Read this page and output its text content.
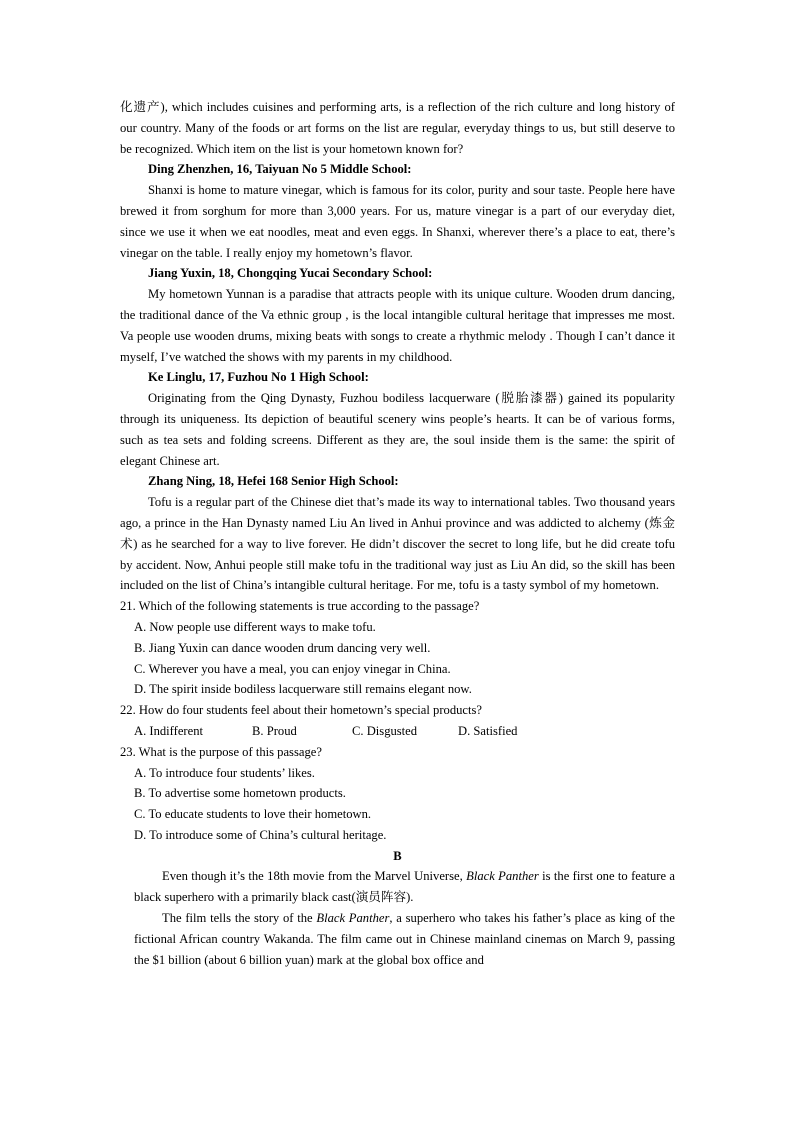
化遗产), which includes cuisines and performing arts, is a reflection of the rich culture and long history of our country. Many of the foods or art forms on the list are regular, everyday things to us, but still deserve to be recognized. Which item on the list is your hometown known for?

Ding Zhenzhen, 16, Taiyuan No 5 Middle School:

Shanxi is home to mature vinegar, which is famous for its color, purity and sour taste. People here have brewed it from sorghum for more than 3,000 years. For us, mature vinegar is a part of our everyday diet, since we use it when we eat noodles, meat and even eggs. In Shanxi, wherever there’s a place to eat, there’s vinegar on the table. I really enjoy my hometown’s flavor.

Jiang Yuxin, 18, Chongqing Yucai Secondary School:

My hometown Yunnan is a paradise that attracts people with its unique culture. Wooden drum dancing, the traditional dance of the Va ethnic group , is the local intangible cultural heritage that impresses me most. Va people use wooden drums, mixing beats with songs to create a rhythmic melody . Though I can’t dance it myself, I’ve watched the shows with my parents in my childhood.

Ke Linglu, 17, Fuzhou No 1 High School:

Originating from the Qing Dynasty, Fuzhou bodiless lacquerware (脱胎漆器) gained its popularity through its uniqueness. Its depiction of beautiful scenery wins people’s hearts. It can be of various forms, such as tea sets and folding screens. Different as they are, the soul inside them is the same: the spirit of elegant Chinese art.

Zhang Ning, 18, Hefei 168 Senior High School:

Tofu is a regular part of the Chinese diet that’s made its way to international tables. Two thousand years ago, a prince in the Han Dynasty named Liu An lived in Anhui province and was addicted to alchemy (炼金术) as he searched for a way to live forever. He didn’t discover the secret to long life, but he did create tofu by accident. Now, Anhui people still make tofu in the traditional way just as Liu An did, so the skill has been included on the list of China’s intangible cultural heritage. For me, tofu is a tasty symbol of my hometown.

21. Which of the following statements is true according to the passage?

A. Now people use different ways to make tofu.

B. Jiang Yuxin can dance wooden drum dancing very well.

C. Wherever you have a meal, you can enjoy vinegar in China.

D. The spirit inside bodiless lacquerware still remains elegant now.

22. How do four students feel about their hometown’s special products?

A. Indifferent	B. Proud	C. Disgusted	D. Satisfied

23. What is the purpose of this passage?

A. To introduce four students’ likes.

B. To advertise some hometown products.

C. To educate students to love their hometown.

D. To introduce some of China’s cultural heritage.

B

Even though it’s the 18th movie from the Marvel Universe, Black Panther is the first one to feature a black superhero with a primarily black cast(演员阵容).

The film tells the story of the Black Panther, a superhero who takes his father’s place as king of the fictional African country Wakanda. The film came out in Chinese mainland cinemas on March 9, passing the $1 billion (about 6 billion yuan) mark at the global box office and
